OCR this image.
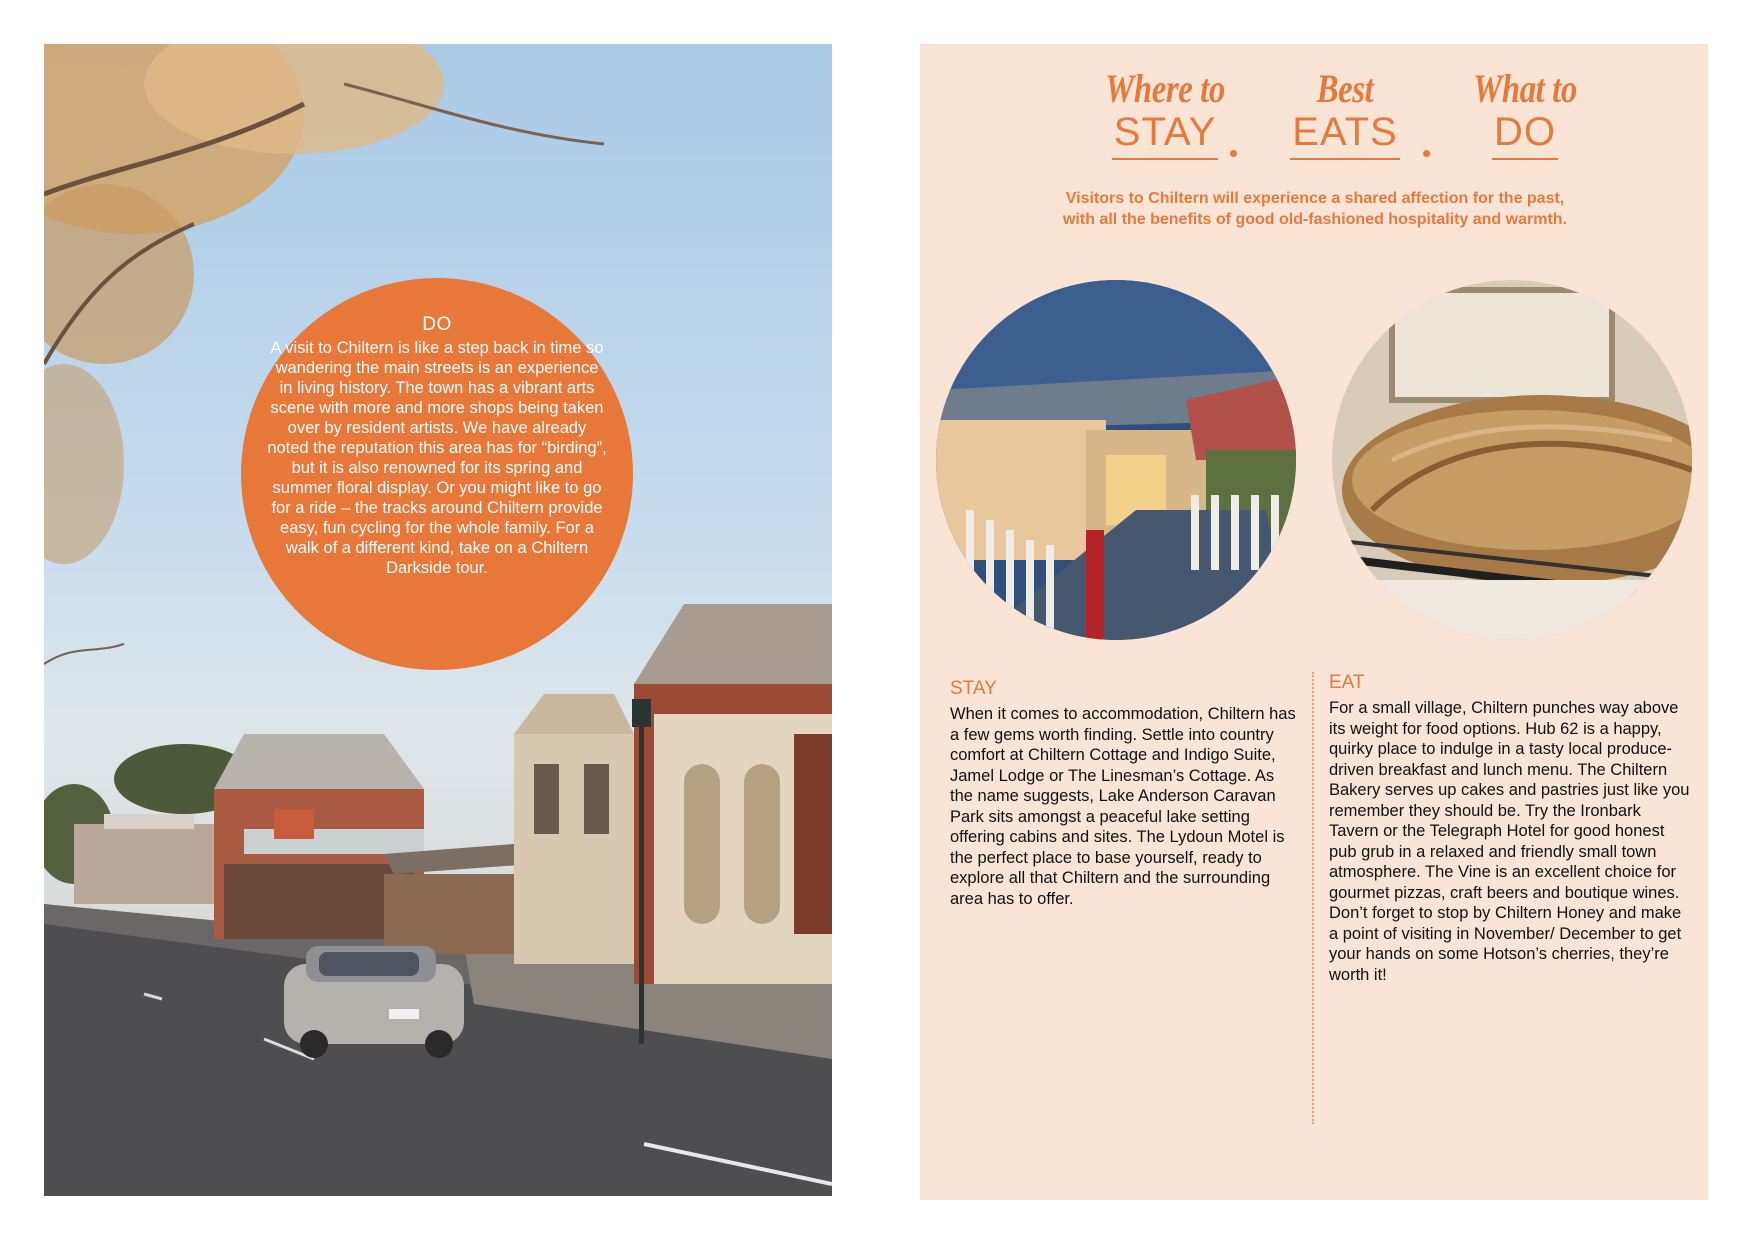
DO
A visit to Chiltern is like a step back in time so wandering the main streets is an experience in living history. The town has a vibrant arts scene with more and more shops being taken over by resident artists. We have already noted the reputation this area has for “birding”, but it is also renowned for its spring and summer floral display. Or you might like to go for a ride – the tracks around Chiltern provide easy, fun cycling for the whole family. For a walk of a different kind, take on a Chiltern Darkside tour.
Where to
STAY
Best
EATS
What to
DO
Visitors to Chiltern will experience a shared affection for the past, with all the benefits of good old-fashioned hospitality and warmth.
STAY
When it comes to accommodation, Chiltern has a few gems worth finding. Settle into country comfort at Chiltern Cottage and Indigo Suite, Jamel Lodge or The Linesman’s Cottage. As the name suggests, Lake Anderson Caravan Park sits amongst a peaceful lake setting offering cabins and sites. The Lydoun Motel is the perfect place to base yourself, ready to explore all that Chiltern and the surrounding area has to offer.
EAT
For a small village, Chiltern punches way above its weight for food options. Hub 62 is a happy, quirky place to indulge in a tasty local produce-driven breakfast and lunch menu. The Chiltern Bakery serves up cakes and pastries just like you remember they should be. Try the Ironbark Tavern or the Telegraph Hotel for good honest pub grub in a relaxed and friendly small town atmosphere. The Vine is an excellent choice for gourmet pizzas, craft beers and boutique wines. Don’t forget to stop by Chiltern Honey and make a point of visiting in November/ December to get your hands on some Hotson’s cherries, they’re worth it!
